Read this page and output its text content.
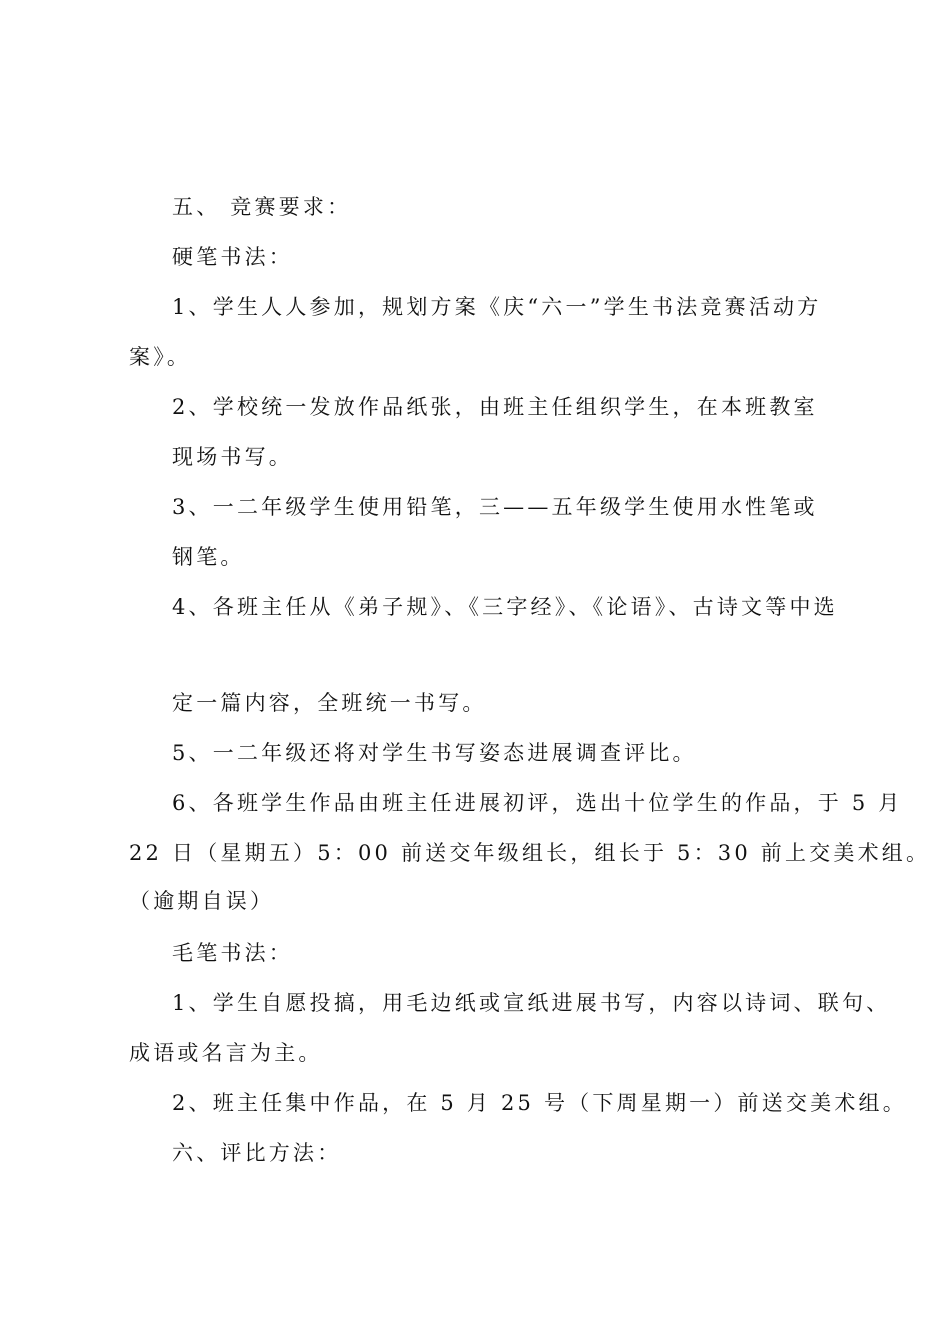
五、 竞赛要求：
硬笔书法：
1、学生人人参加，规划方案《庆“六一”学生书法竞赛活动方
案》。
2、学校统一发放作品纸张，由班主任组织学生，在本班教室
现场书写。
3、一二年级学生使用铅笔，三——五年级学生使用水性笔或
钢笔。
4、各班主任从《弟子规》、《三字经》、《论语》、古诗文等中选
定一篇内容，全班统一书写。
5、一二年级还将对学生书写姿态进展调查评比。
6、各班学生作品由班主任进展初评，选出十位学生的作品，于 5 月
22 日（星期五）5：00 前送交年级组长，组长于 5：30 前上交美术组。
（逾期自误）
毛笔书法：
1、学生自愿投搞，用毛边纸或宣纸进展书写，内容以诗词、联句、
成语或名言为主。
2、班主任集中作品，在 5 月 25 号（下周星期一）前送交美术组。
六、评比方法：
